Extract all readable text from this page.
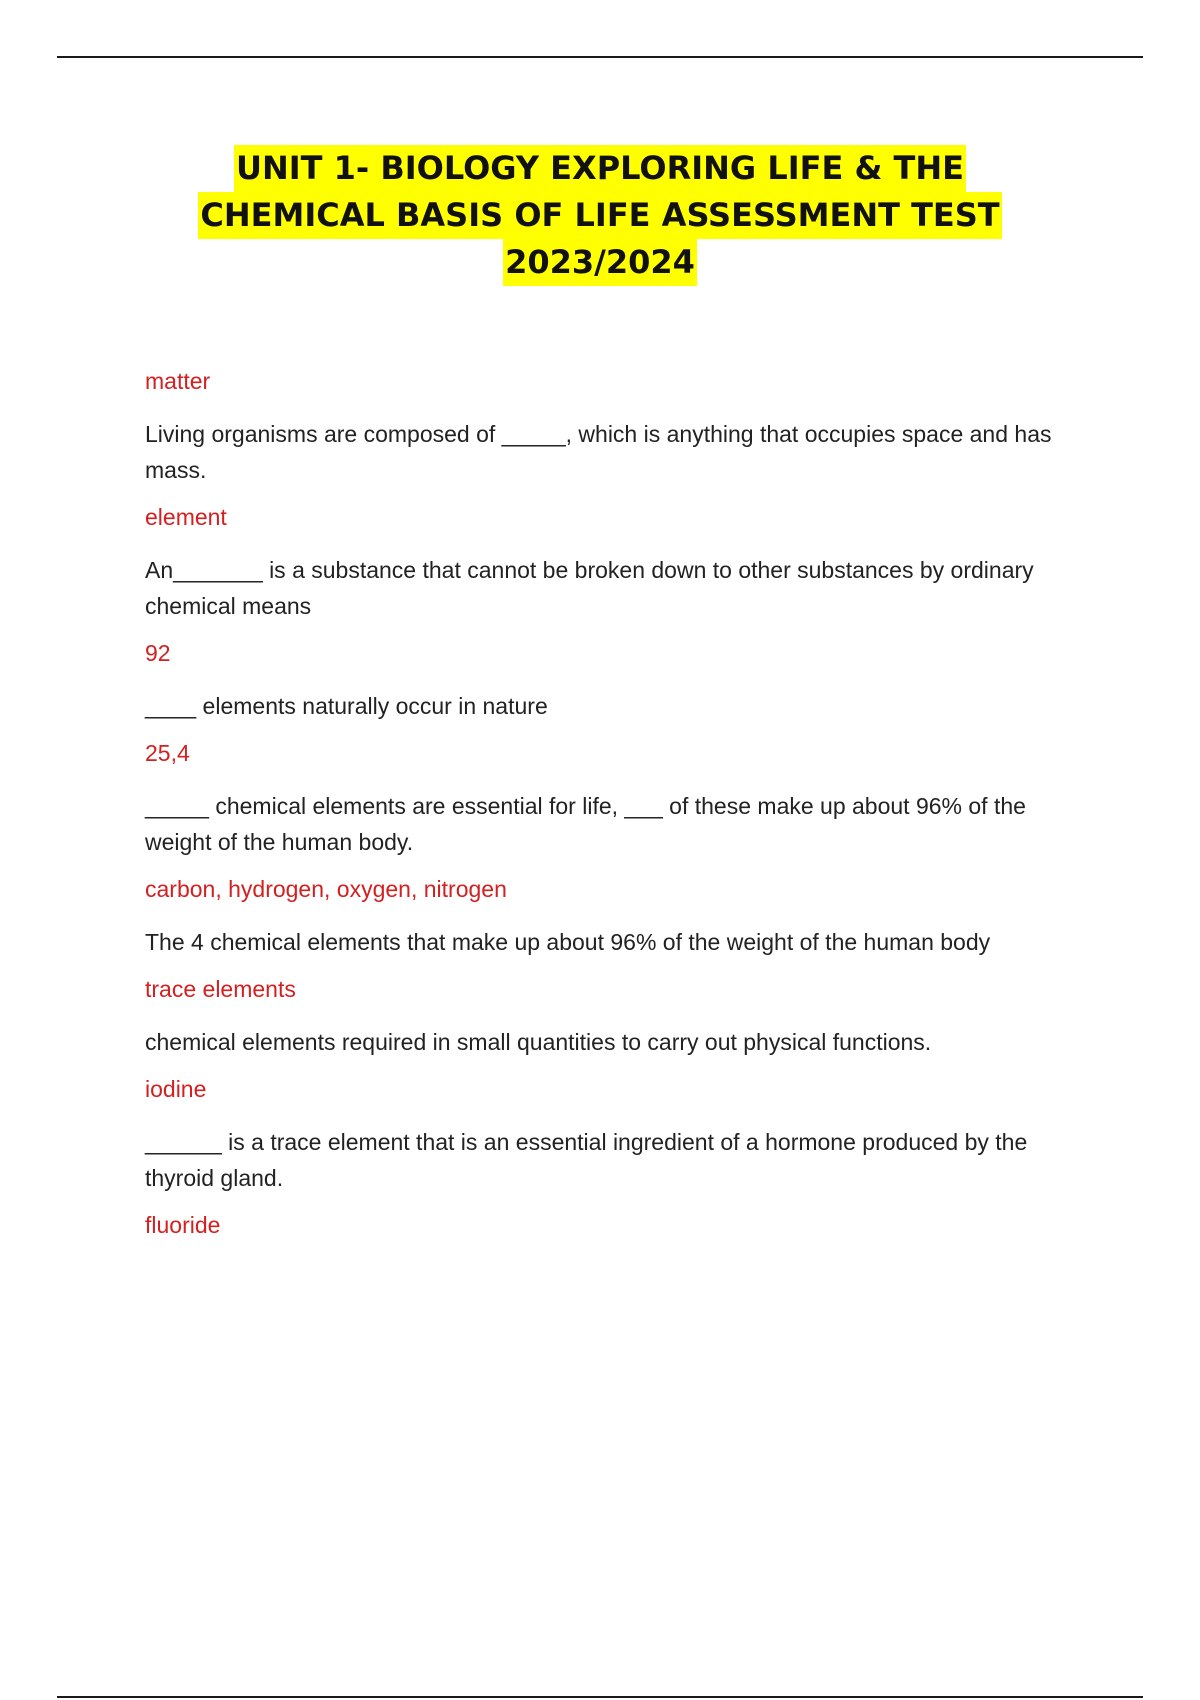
UNIT 1- BIOLOGY EXPLORING LIFE & THE
CHEMICAL BASIS OF LIFE ASSESSMENT TEST
2023/2024
matter
Living organisms are composed of _____, which is anything that occupies space and has mass.
element
An_______ is a substance that cannot be broken down to other substances by ordinary chemical means
92
____ elements naturally occur in nature
25,4
_____ chemical elements are essential for life, ___ of these make up about 96% of the weight of the human body.
carbon, hydrogen, oxygen, nitrogen
The 4 chemical elements that make up about 96% of the weight of the human body
trace elements
chemical elements required in small quantities to carry out physical functions.
iodine
______ is a trace element that is an essential ingredient of a hormone produced by the thyroid gland.
fluoride
